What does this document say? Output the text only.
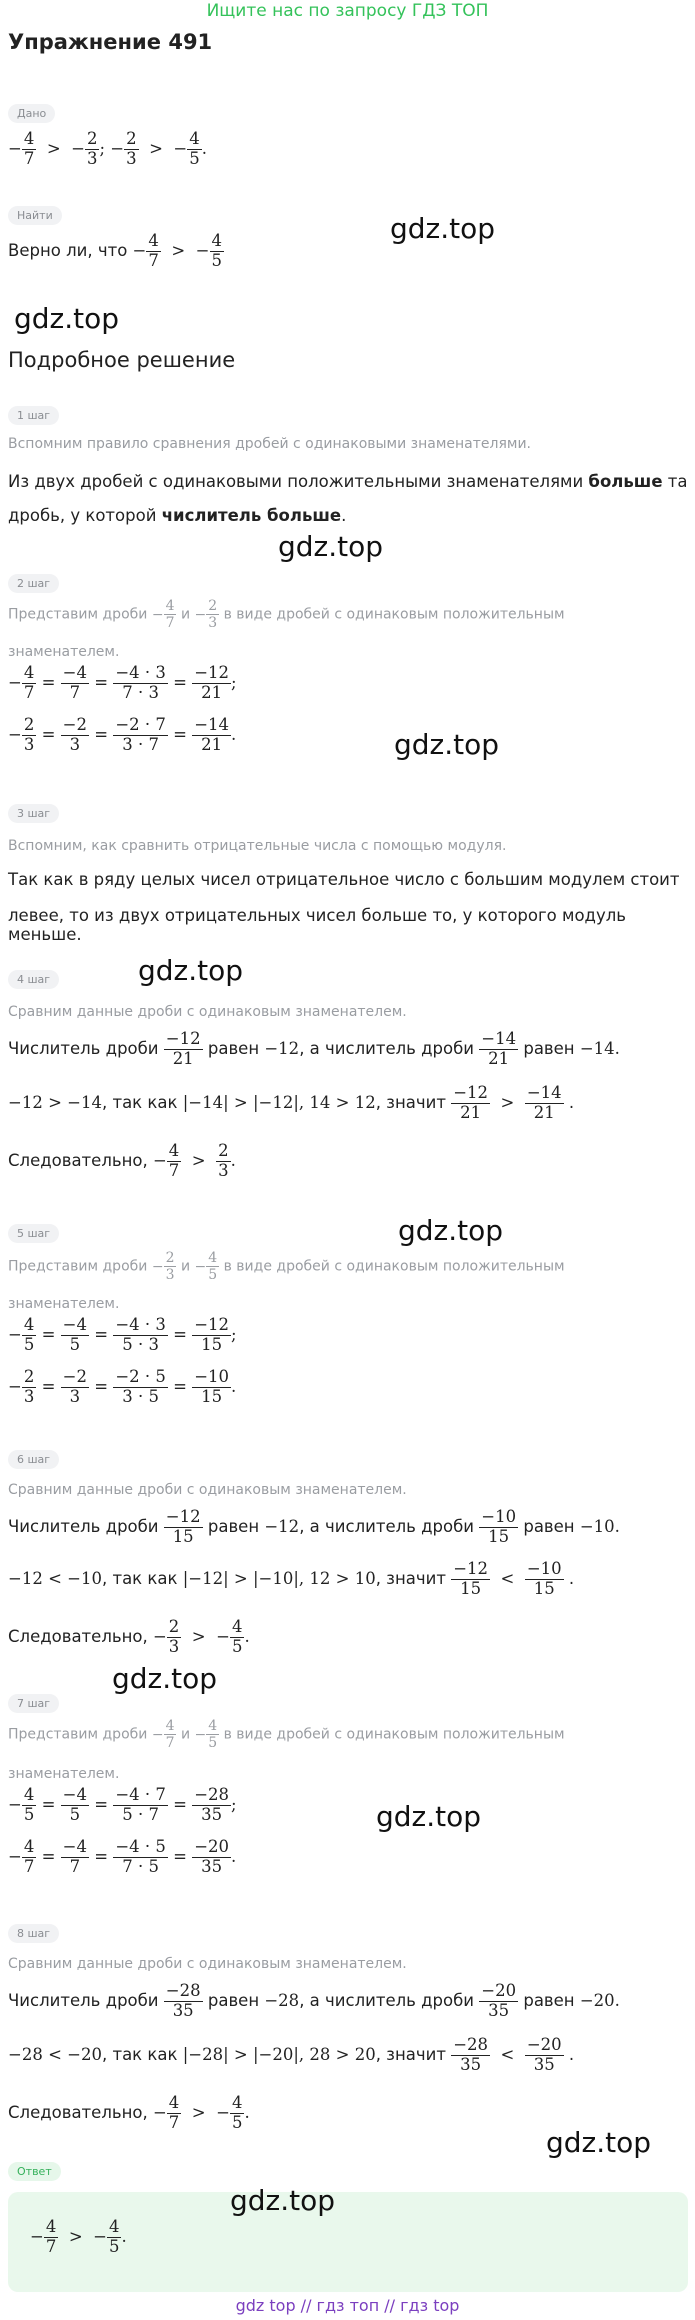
Ищите нас по запросу ГДЗ ТОП
Упражнение 491
Дано
− $\frac{4}{7}$ >  − $\frac{2}{3}$ ; − $\frac{2}{3}$ >  − $\frac{4}{5}$ .
Найти
Верно ли, что − $\frac{4}{7}$ >  − $\frac{4}{5}$
gdz.top
gdz.top
Подробное решение
1 шаг
Вспомним правило сравнения дробей с одинаковыми знаменателями.
Из двух дробей с одинаковыми положительными знаменателями больше та
дробь, у которой числитель больше.
gdz.top
2 шаг
Представим дроби − $\frac{4}{7}$ $и - \frac{2}{3}$ в виде дробей с одинаковым положительным
знаменателем.
− $\frac{4}{7} = \frac{-4}{7} = \frac{-4 \cdot 3}{7 \cdot 3} = \frac{-12}{21}$ ;
− $\frac{2}{3} = \frac{-2}{3} = \frac{-2 \cdot 7}{3 \cdot 7} = \frac{-14}{21}$ .	gdz.top
3 шаг
Вспомним, как сравнить отрицательные числа с помощью модуля.
Так как в ряду целых чисел отрицательное число с большим модулем стоит
левее, то из двух отрицательных чисел больше то, у которого модуль меньше.
4 шаг	gdz.top
Сравним данные дроби с одинаковым знаменателем.
Числитель дроби $\frac{-12}{21}$ равен −12, а числитель дроби $\frac{-14}{21}$ равен −14.
−12 > −14, так как |−14| > |−12|, 14 > 12, значит $\frac{-12}{21} > \frac{-14}{21}$ .
Следовательно, − $\frac{4}{7} > \frac{2}{3}$ .
5 шаг	gdz.top
Представим дроби − $\frac{2}{3}$ $и - \frac{4}{5}$ в виде дробей с одинаковым положительным
знаменателем.
− $\frac{4}{5} = \frac{-4}{5} = \frac{-4 \cdot 3}{5 \cdot 3} = \frac{-12}{15}$ ;
− $\frac{2}{3} = \frac{-2}{3} = \frac{-2 \cdot 5}{3 \cdot 5} = \frac{-10}{15}$ .
6 шаг
Сравним данные дроби с одинаковым знаменателем.
Числитель дроби $\frac{-12}{15}$ равен −12, а числитель дроби $\frac{-10}{15}$ равен −10.
−12 < −10, так как |−12| > |−10|, 12 > 10, значит $\frac{-12}{15} < \frac{-10}{15}$ .
Следовательно, − $\frac{2}{3}$ >  − $\frac{4}{5}$ .
gdz.top
7 шаг
Представим дроби − $\frac{4}{7}$ $и - \frac{4}{5}$ в виде дробей с одинаковым положительным
знаменателем.
− $\frac{4}{5} = \frac{-4}{5} = \frac{-4 \cdot 7}{5 \cdot 7} = \frac{-28}{35}$ ;	gdz.top
− $\frac{4}{7} = \frac{-4}{7} = \frac{-4 \cdot 5}{7 \cdot 5} = \frac{-20}{35}$ .
8 шаг
Сравним данные дроби с одинаковым знаменателем.
Числитель дроби $\frac{-28}{35}$ равен −28, а числитель дроби $\frac{-20}{35}$ равен −20.
−28 < −20, так как |−28| > |−20|, 28 > 20, значит $\frac{-28}{35} < \frac{-20}{35}$ .
Следовательно, − $\frac{4}{7}$ >  − $\frac{4}{5}$ .
gdz.top
Ответ
gdz.top
− $\frac{4}{7}$ >  − $\frac{4}{5}$ .
gdz top // гдз топ // гдз top
